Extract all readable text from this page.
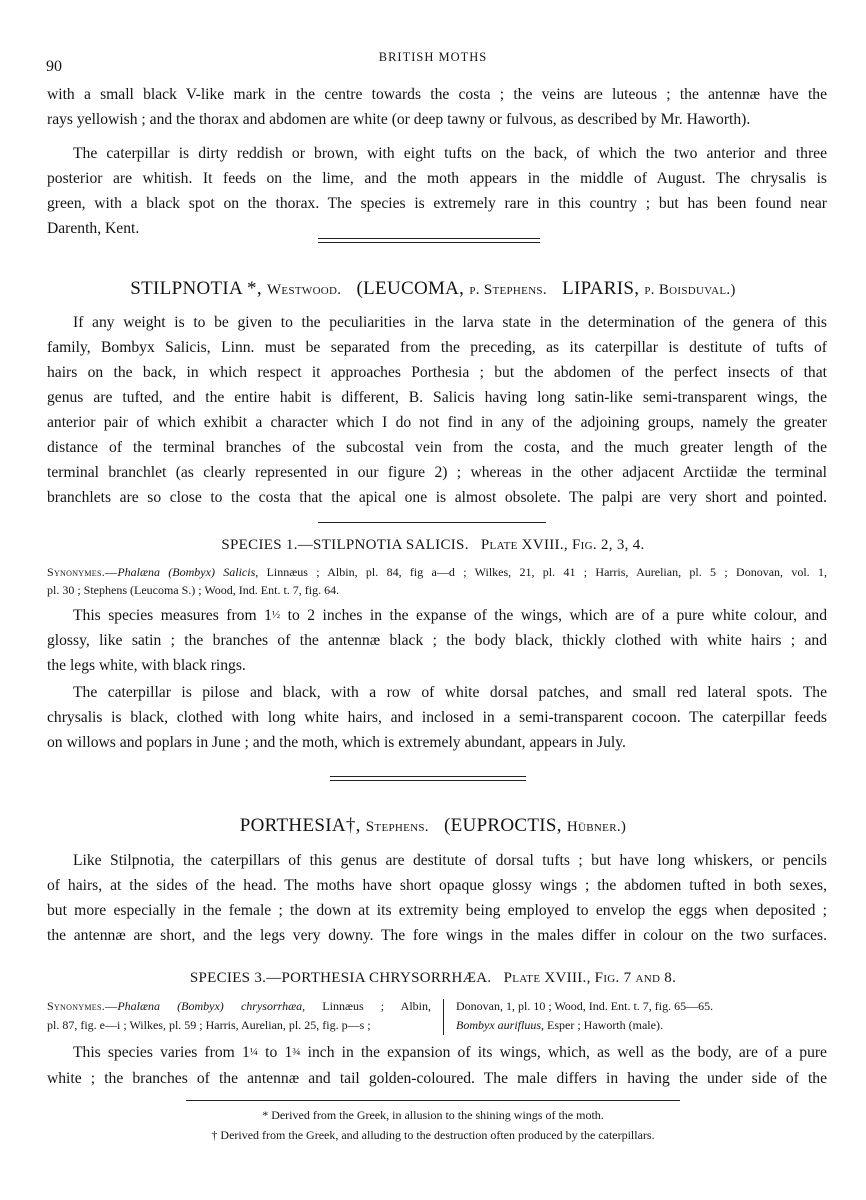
90
BRITISH MOTHS

with a small black V-like mark in the centre towards the costa ; the veins are luteous ; the antennæ have the

rays yellowish ; and the thorax and abdomen are white (or deep tawny or fulvous, as described by Mr. Haworth).

The caterpillar is dirty reddish or brown, with eight tufts on the back, of which the two anterior and three

posterior are whitish. It feeds on the lime, and the moth appears in the middle of August. The chrysalis is

green, with a black spot on the thorax. The species is extremely rare in this country ; but has been found near

Darenth, Kent.

STILPNOTIA *, Westwood. (LEUCOMA, p. Stephens. LIPARIS, p. Boisduval.)

If any weight is to be given to the peculiarities in the larva state in the determination of the genera of this

family, Bombyx Salicis, Linn. must be separated from the preceding, as its caterpillar is destitute of tufts of

hairs on the back, in which respect it approaches Porthesia ; but the abdomen of the perfect insects of that

genus are tufted, and the entire habit is different, B. Salicis having long satin-like semi-transparent wings, the

anterior pair of which exhibit a character which I do not find in any of the adjoining groups, namely the greater

distance of the terminal branches of the subcostal vein from the costa, and the much greater length of the

terminal branchlet (as clearly represented in our figure 2) ; whereas in the other adjacent Arctiidæ the terminal

branchlets are so close to the costa that the apical one is almost obsolete. The palpi are very short and pointed.

SPECIES 1.—STILPNOTIA SALICIS. Plate XVIII., Fig. 2, 3, 4.

Synonymes.—Phalæna (Bombyx) Salicis, Linnæus ; Albin, pl. 84, fig a—d ; Wilkes, 21, pl. 41 ; Harris, Aurelian, pl. 5 ; Donovan, vol. 1,

pl. 30 ; Stephens (Leucoma S.) ; Wood, Ind. Ent. t. 7, fig. 64.

This species measures from 1½ to 2 inches in the expanse of the wings, which are of a pure white colour, and

glossy, like satin ; the branches of the antennæ black ; the body black, thickly clothed with white hairs ; and

the legs white, with black rings.

The caterpillar is pilose and black, with a row of white dorsal patches, and small red lateral spots. The

chrysalis is black, clothed with long white hairs, and inclosed in a semi-transparent cocoon. The caterpillar feeds

on willows and poplars in June ; and the moth, which is extremely abundant, appears in July.

PORTHESIA†, Stephens. (EUPROCTIS, Hübner.)

Like Stilpnotia, the caterpillars of this genus are destitute of dorsal tufts ; but have long whiskers, or pencils

of hairs, at the sides of the head. The moths have short opaque glossy wings ; the abdomen tufted in both sexes,

but more especially in the female ; the down at its extremity being employed to envelop the eggs when deposited ;

the antennæ are short, and the legs very downy. The fore wings in the males differ in colour on the two surfaces.

SPECIES 3.—PORTHESIA CHRYSORRHÆA. Plate XVIII., Fig. 7 and 8.
Synonymes.—Phalæna (Bombyx) chrysorrhæa, Linnæus ; Albin,
pl. 87, fig. e—i ; Wilkes, pl. 59 ; Harris, Aurelian, pl. 25, fig. p—s ;
Donovan, 1, pl. 10 ; Wood, Ind. Ent. t. 7, fig. 65—65.
Bombyx aurifluus, Esper ; Haworth (male).

This species varies from 1¼ to 1¾ inch in the expansion of its wings, which, as well as the body, are of a pure

white ; the branches of the antennæ and tail golden-coloured. The male differs in having the under side of the

* Derived from the Greek, in allusion to the shining wings of the moth.
† Derived from the Greek, and alluding to the destruction often produced by the caterpillars.
